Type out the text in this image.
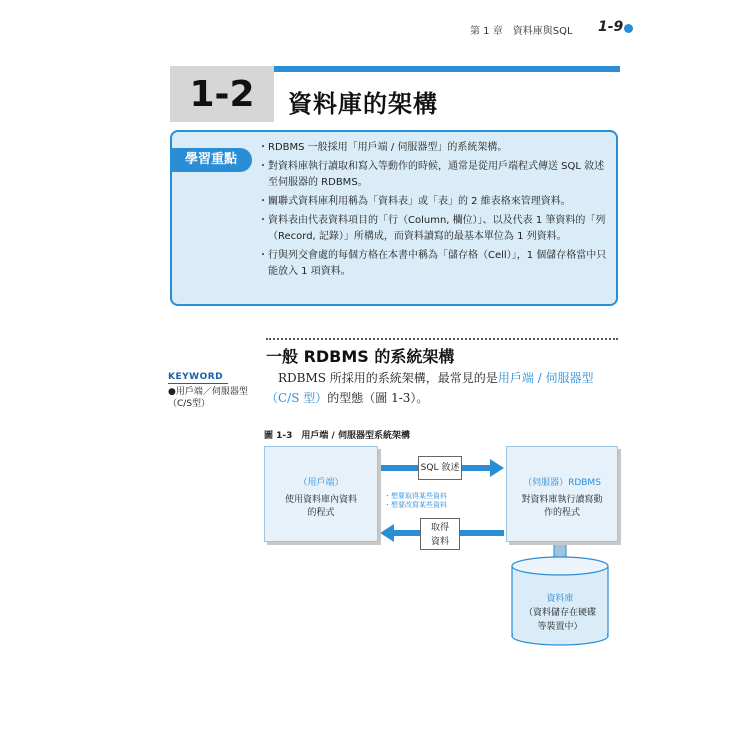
第 1 章　資料庫與SQL 1-9
1-2	資料庫的架構
學習重點
・RDBMS 一般採用「用戶端 / 伺服器型」的系統架構。
・對資料庫執行讀取和寫入等動作的時候，通常是從用戶端程式傳送 SQL 敘述至伺服器的 RDBMS。
・關聯式資料庫利用稱為「資料表」或「表」的 2 維表格來管理資料。
・資料表由代表資料項目的「行（Column, 欄位）」、以及代表 1 筆資料的「列（Record, 記錄）」所構成，而資料讀寫的最基本單位為 1 列資料。
・行與列交會處的每個方格在本書中稱為「儲存格（Cell）」，1 個儲存格當中只能放入 1 項資料。
一般 RDBMS 的系統架構
KEYWORD
●用戶端／伺服器型（C/S型）
RDBMS 所採用的系統架構，最常見的是用戶端 / 伺服器型（C/S 型）的型態（圖 1-3）。
圖 1-3　用戶端 / 伺服器型系統架構
（用戶端）
使用資料庫內資料
的程式
（伺服器）RDBMS
對資料庫執行讀寫動
作的程式
SQL 敘述
・想要取得某些資料
・想要改寫某些資料
取得
資料
資料庫
（資料儲存在硬碟
等裝置中）
